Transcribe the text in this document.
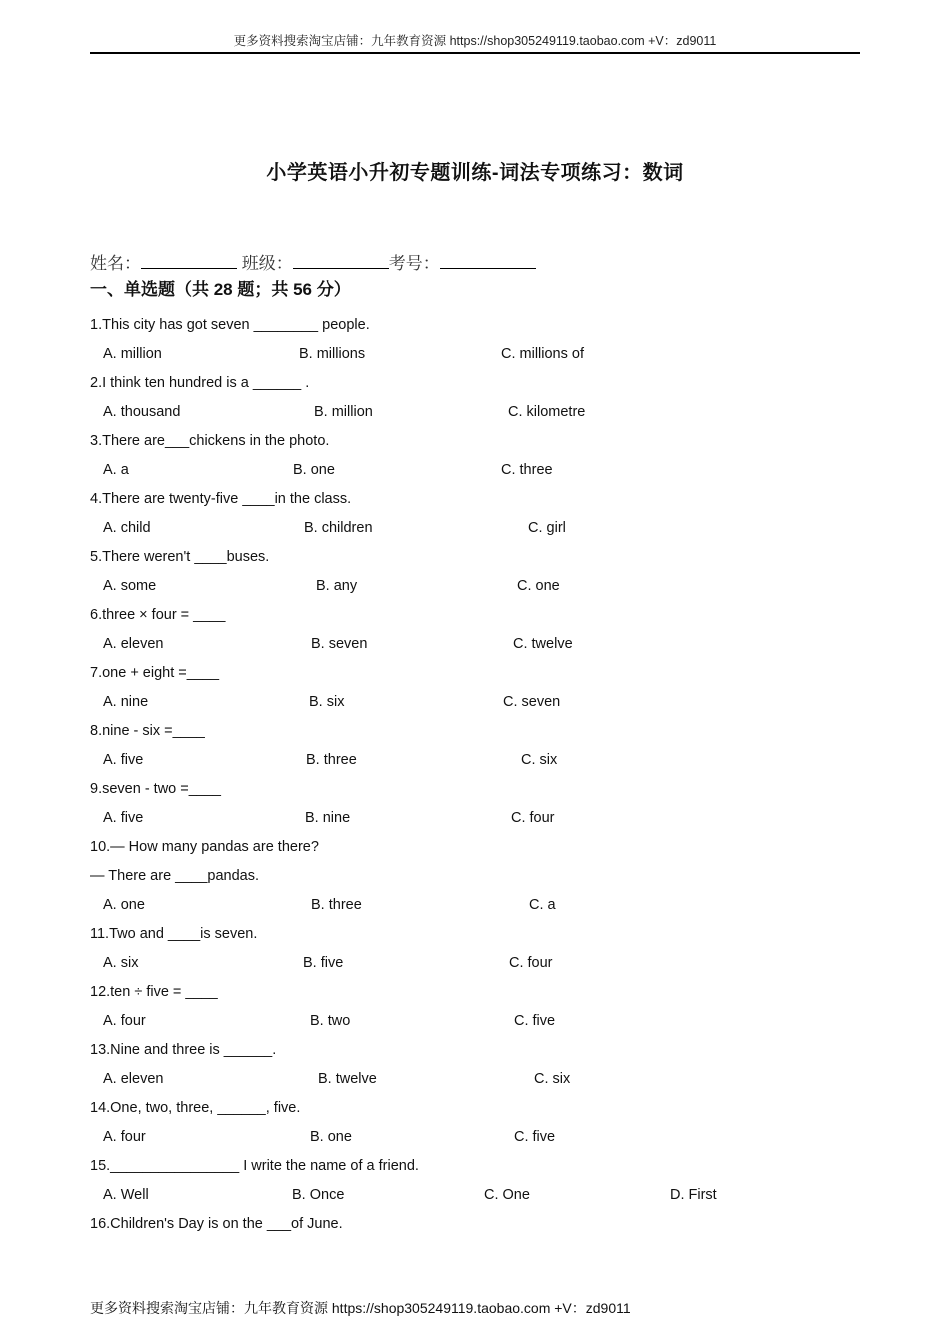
更多资料搜索淘宝店铺：九年教育资源 https://shop305249119.taobao.com +V：zd9011
小学英语小升初专题训练-词法专项练习：数词
姓名：	班级：	考号：
一、单选题（共 28 题；共 56 分）
1.This city has got seven ________ people.
A. million	B. millions	C. millions of
2.I think ten hundred is a ______ .
A. thousand	B. million	C. kilometre
3.There are___chickens in the photo.
A. a	B. one	C. three
4.There are twenty-five ____in the class.
A. child	B. children	C. girl
5.There weren't ____buses.
A. some	B. any	C. one
6.three × four = ____
A. eleven	B. seven	C. twelve
7.one + eight =____
A. nine	B. six	C. seven
8.nine - six =____
A. five	B. three	C. six
9.seven - two =____
A. five	B. nine	C. four
10.— How many pandas are there?
— There are ____pandas.
A. one	B. three	C. a
11.Two and ____is seven.
A. six	B. five	C. four
12.ten ÷ five = ____
A. four	B. two	C. five
13.Nine and three is ______.
A. eleven	B. twelve	C. six
14.One, two, three, ______, five.
A. four	B. one	C. five
15.________________ I write the name of a friend.
A. Well	B. Once	C. One	D. First
16.Children's Day is on the ___of June.
更多资料搜索淘宝店铺：九年教育资源 https://shop305249119.taobao.com +V：zd9011
